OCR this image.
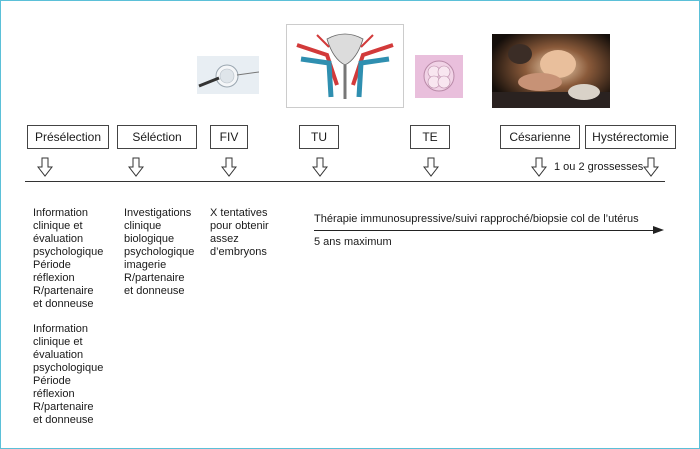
Présélection	Séléction	FIV	TU	TE	Césarienne	Hystérectomie
1 ou 2 grossesses

Information

clinique et

évaluation

psychologique

Période

réflexion

R/partenaire

et donneuse

Information

clinique et

évaluation

psychologique

Période

réflexion

R/partenaire

et donneuse

Investigations

clinique

biologique

psychologique

imagerie

R/partenaire

et donneuse

X tentatives

pour obtenir

assez

d’embryons

Thérapie immunosupressive/suivi rapproché/biopsie col de l’utérus
5 ans maximum
